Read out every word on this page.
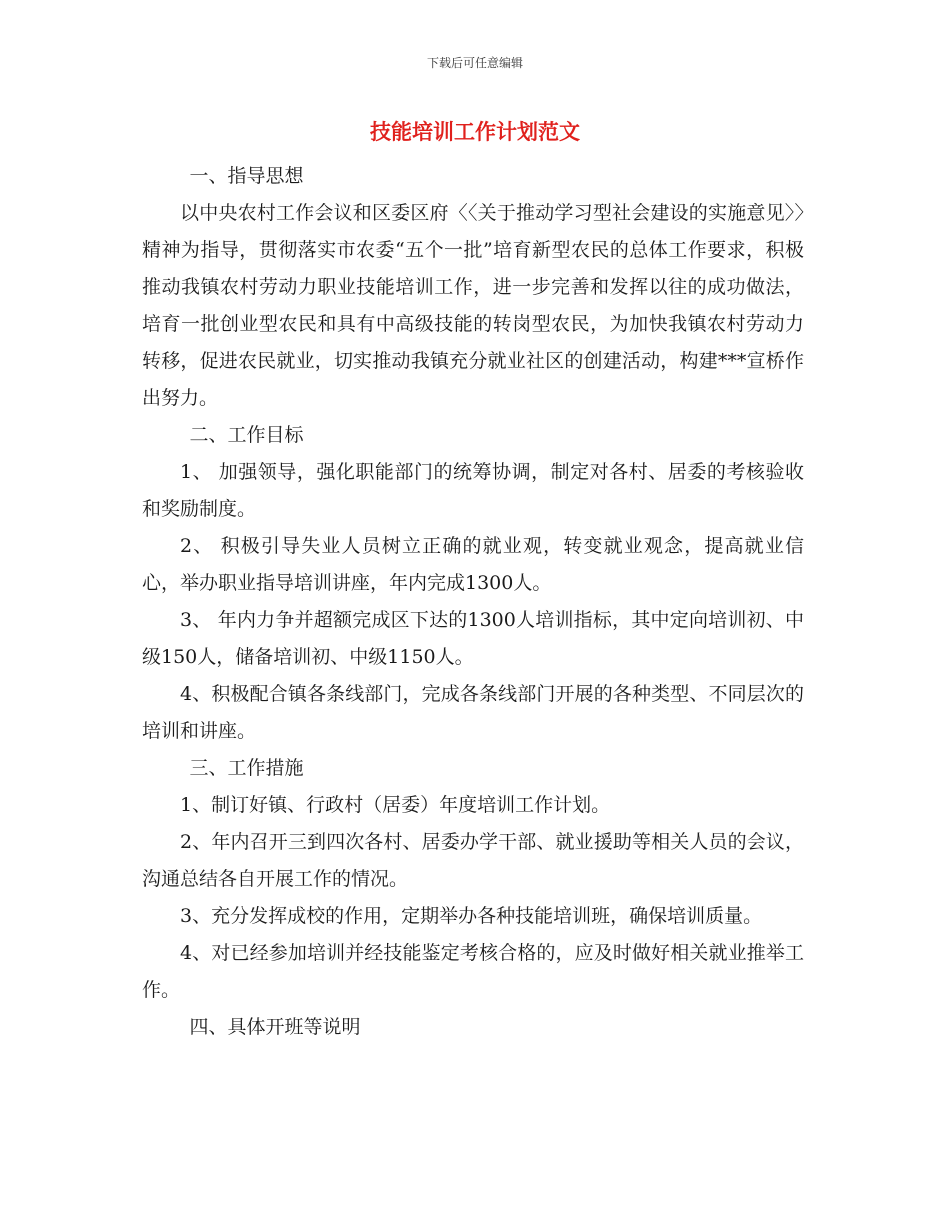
下载后可任意编辑
技能培训工作计划范文

一、指导思想

以中央农村工作会议和区委区府〈〈关于推动学习型社会建设的实施意见〉〉精神为指导，贯彻落实市农委“五个一批”培育新型农民的总体工作要求，积极推动我镇农村劳动力职业技能培训工作，进一步完善和发挥以往的成功做法，培育一批创业型农民和具有中高级技能的转岗型农民，为加快我镇农村劳动力转移，促进农民就业，切实推动我镇充分就业社区的创建活动，构建***宣桥作出努力。

二、工作目标

1、 加强领导，强化职能部门的统筹协调，制定对各村、居委的考核验收和奖励制度。

2、 积极引导失业人员树立正确的就业观，转变就业观念，提高就业信心，举办职业指导培训讲座，年内完成1300人。

3、 年内力争并超额完成区下达的1300人培训指标，其中定向培训初、中级150人，储备培训初、中级1150人。

4、积极配合镇各条线部门，完成各条线部门开展的各种类型、不同层次的培训和讲座。

三、工作措施

1、制订好镇、行政村（居委）年度培训工作计划。

2、年内召开三到四次各村、居委办学干部、就业援助等相关人员的会议，沟通总结各自开展工作的情况。

3、充分发挥成校的作用，定期举办各种技能培训班，确保培训质量。

4、对已经参加培训并经技能鉴定考核合格的，应及时做好相关就业推举工作。

四、具体开班等说明
